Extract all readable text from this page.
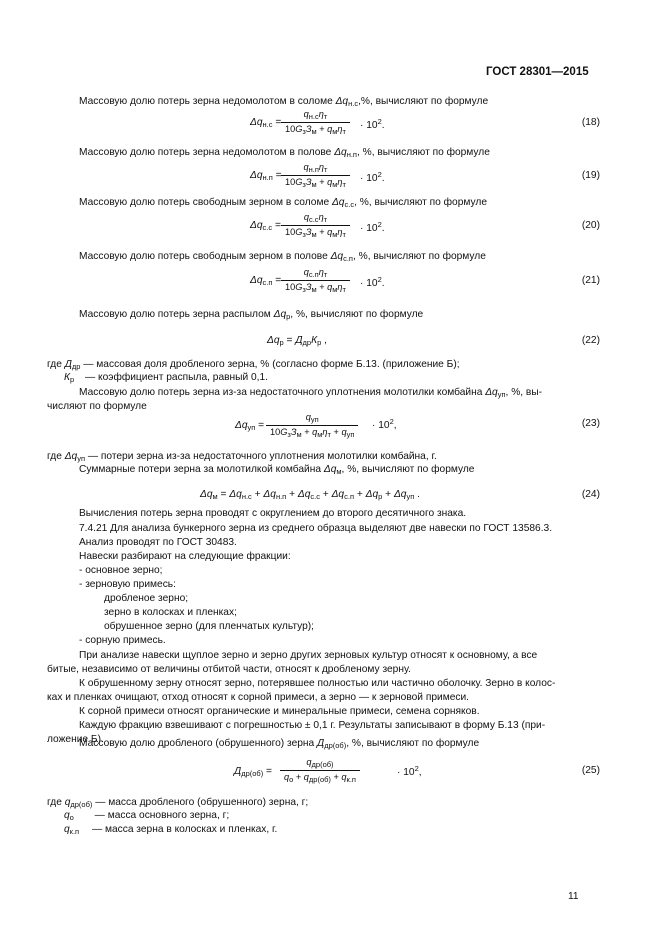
ГОСТ 28301—2015
Массовую долю потерь зерна недомолотом в соломе $\Delta q_{н.с},\%$, вычисляют по формуле
$\Delta q_{н.с}$ =
$q_{н.с}\eta_т$
$10G_зЗ_м + q_м\eta_т$
· $10^2$.	(18)
Массовую долю потерь зерна недомолотом в полове $\Delta q_{н.п}$, %, вычисляют по формуле
$\Delta q_{н.п}$ =
$q_{н.п}\eta_т$
$10G_зЗ_м + q_м\eta_т$
· $10^2$.	(19)
Массовую долю потерь свободным зерном в соломе $\Delta q_{с.с}$, %, вычисляют по формуле
$\Delta q_{с.с}$ =
$q_{с.с}\eta_т$
$10G_зЗ_м + q_м\eta_т$
· $10^2$.	(20)
Массовую долю потерь свободным зерном в полове $\Delta q_{с.п}$, %, вычисляют по формуле
$\Delta q_{с.п}$ =
$q_{с.п}\eta_т$
$10G_зЗ_м + q_м\eta_т$
· $10^2$.	(21)
Массовую долю потерь зерна распылом $\Delta q_р$, %, вычисляют по формуле
$\Delta q_р = Д_{др}К_р$ ,	(22)
где $Д_{др}$ — массовая доля дробленого зерна, % (согласно форме Б.13. (приложение Б);
$К_р$ — коэффициент распыла, равный 0,1.
Массовую долю потерь зерна из-за недостаточного уплотнения молотилки комбайна $\Delta q_{уп}$, %, вы-
числяют по формуле
$\Delta q_{уп}$ =
$q_{уп}$
$10G_зЗ_м + q_м\eta_т + q_{уп}$
· $10^2$,	(23)
где $\Delta q_{уп}$ — потери зерна из-за недостаточного уплотнения молотилки комбайна, г.
Суммарные потери зерна за молотилкой комбайна $\Delta q_м$, %, вычисляют по формуле
$\Delta q_м = \Delta q_{н.с} + \Delta q_{н.п} + \Delta q_{с.с} + \Delta q_{с.п} + \Delta q_р + \Delta q_{уп}$ .	(24)
Вычисления потерь зерна проводят с округлением до второго десятичного знака.
7.4.21 Для анализа бункерного зерна из среднего образца выделяют две навески по ГОСТ 13586.3.
Анализ проводят по ГОСТ 30483.
Навески разбирают на следующие фракции:
- основное зерно;
- зерновую примесь:
дробленое зерно;
зерно в колосках и пленках;
обрушенное зерно (для пленчатых культур);
- сорную примесь.
При анализе навески щуплое зерно и зерно других зерновых культур относят к основному, а все
битые, независимо от величины отбитой части, относят к дробленому зерну.
К обрушенному зерну относят зерно, потерявшее полностью или частично оболочку. Зерно в колос-
ках и пленках очищают, отход относят к сорной примеси, а зерно — к зерновой примеси.
К сорной примеси относят органические и минеральные примеси, семена сорняков.
Каждую фракцию взвешивают с погрешностью ± 0,1 г. Результаты записывают в форму Б.13 (при-
ложение Б).
Массовую долю дробленого (обрушенного) зерна $Д_{др(об)}$, %, вычисляют по формуле
$Д_{др(об)}$ =
$q_{др(об)}$
$q_о + q_{др(об)} + q_{к.п}$
· $10^2$,	(25)
где $q_{др(об)}$ — масса дробленого (обрушенного) зерна, г;
$q_о$ — масса основного зерна, г;
$q_{к.п}$ — масса зерна в колосках и пленках, г.
11
